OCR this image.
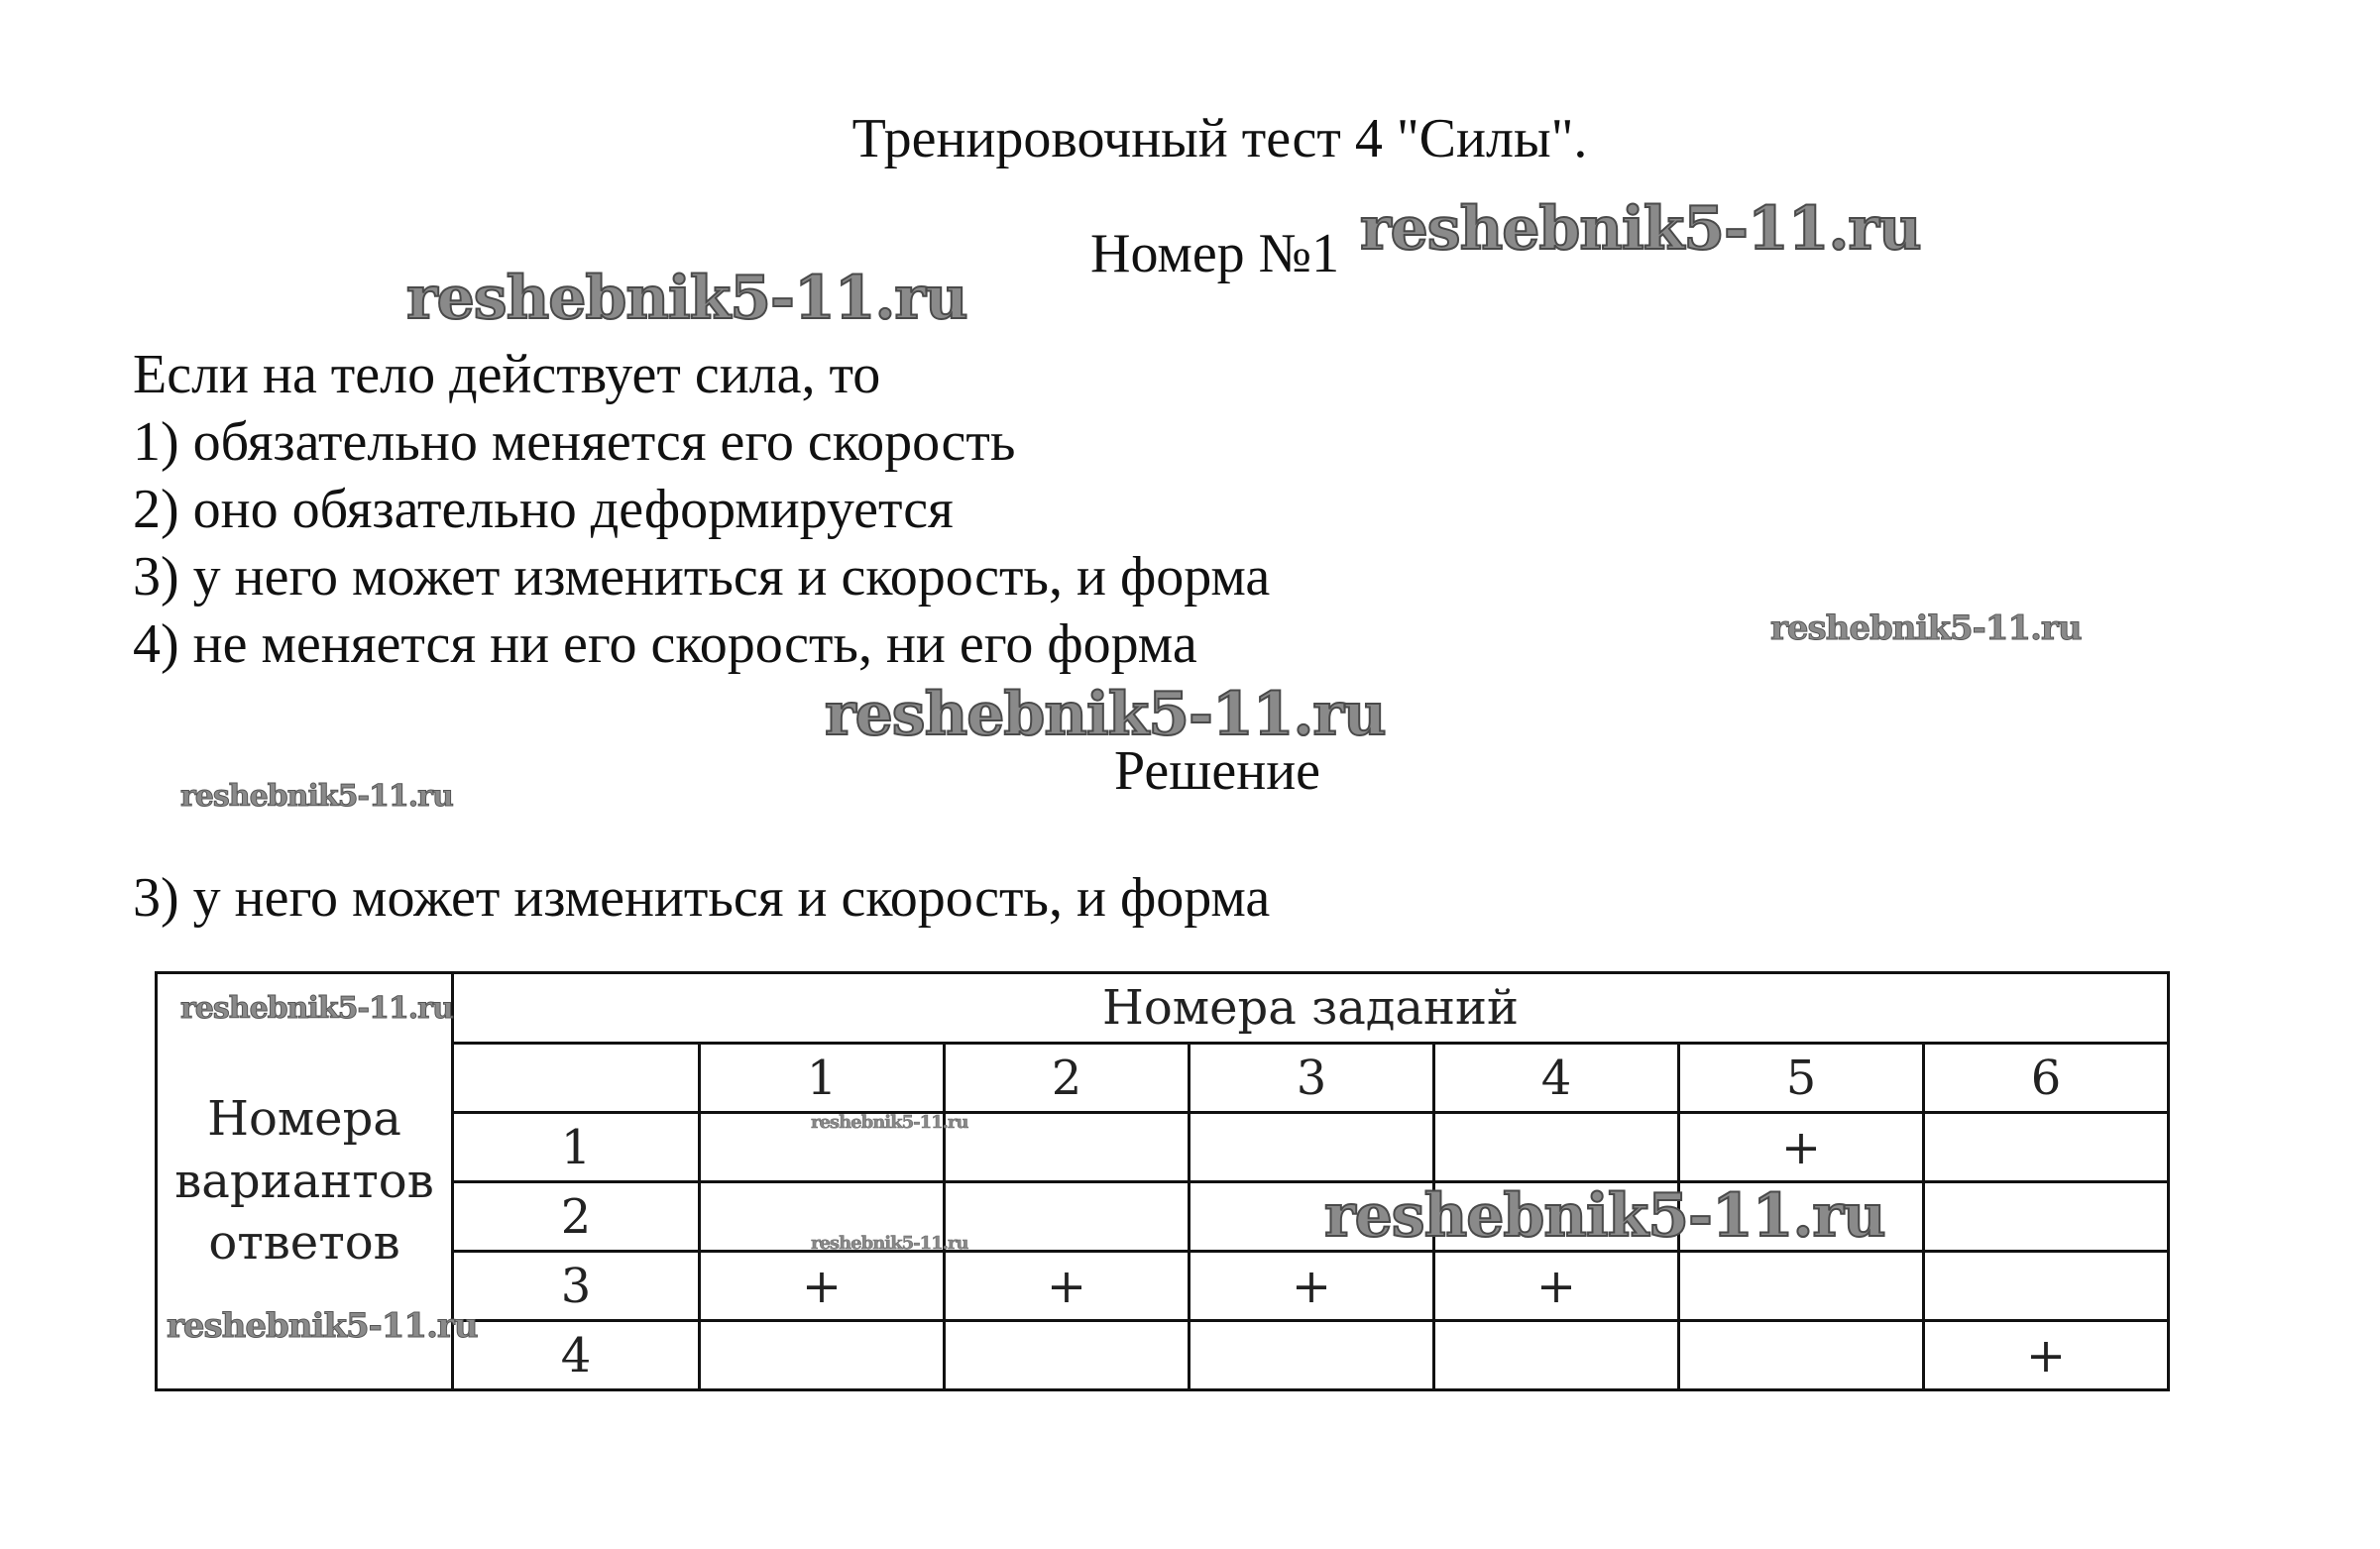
Тренировочный тест 4 "Силы".
Номер №1
Если на тело действует сила, то
1) обязательно меняется его скорость
2) оно обязательно деформируется
3) у него может измениться и скорость, и форма
4) не меняется ни его скорость, ни его форма
Решение
3) у него может измениться и скорость, и форма
Номера
вариантов
ответов	Номера заданий						
		1	2	3	4	5	6
	1					+	
	2						
	3	+	+	+	+		
	4						+
reshebnik5-11.ru
reshebnik5-11.ru
reshebnik5-11.ru
reshebnik5-11.ru
reshebnik5-11.ru
reshebnik5-11.ru
reshebnik5-11.ru
reshebnik5-11.ru
reshebnik5-11.ru
reshebnik5-11.ru
